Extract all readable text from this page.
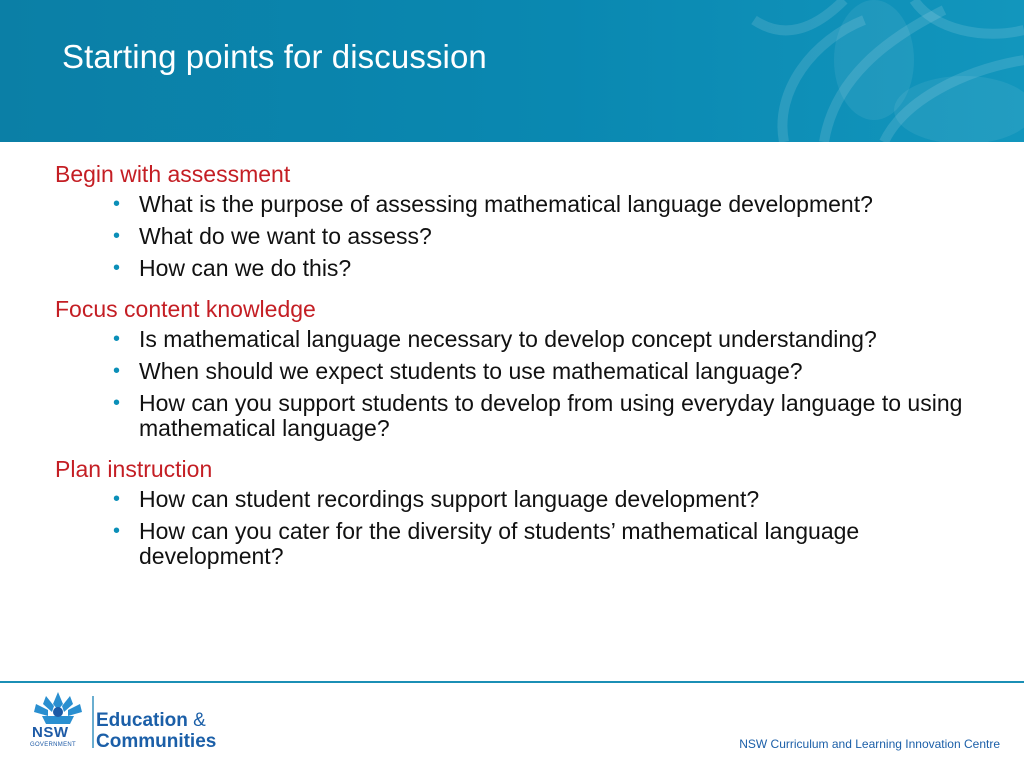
Starting points for discussion

Begin with assessment

• What is the purpose of assessing mathematical language development?
• What do we want to assess?
• How can we do this?

Focus content knowledge

• Is mathematical language necessary to develop concept understanding?
• When should we expect students to use mathematical language?
• How can you support students to develop from using everyday language to using mathematical language?

Plan instruction

• How can student recordings support language development?
• How can you cater for the diversity of students’ mathematical language development?
NSW
GOVERNMENT
Education &
Communities	NSW Curriculum and Learning Innovation Centre
